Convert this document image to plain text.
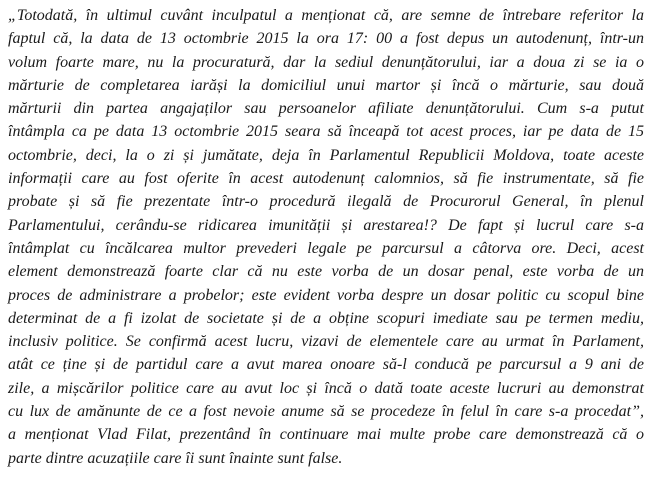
„Totodată, în ultimul cuvânt inculpatul a menționat că, are semne de întrebare referitor la
faptul că, la data de 13 octombrie 2015 la ora 17: 00 a fost depus un autodenunț, într-un
volum foarte mare, nu la procuratură, dar la sediul denunțătorului, iar a doua zi se ia o
mărturie de completarea iarăși la domiciliul unui martor și încă o mărturie, sau două
mărturii din partea angajaților sau persoanelor afiliate denunțătorului. Cum s-a putut
întâmpla ca pe data 13 octombrie 2015 seara să înceapă tot acest proces, iar pe data de 15
octombrie, deci, la o zi și jumătate, deja în Parlamentul Republicii Moldova, toate aceste
informații care au fost oferite în acest autodenunț calomnios, să fie instrumentate, să fie
probate și să fie prezentate într-o procedură ilegală de Procurorul General, în plenul
Parlamentului, cerându-se ridicarea imunității și arestarea!? De fapt și lucrul care s-a
întâmplat cu încălcarea multor prevederi legale pe parcursul a câtorva ore. Deci, acest
element demonstrează foarte clar că nu este vorba de un dosar penal, este vorba de un
proces de administrare a probelor; este evident vorba despre un dosar politic cu scopul bine
determinat de a fi izolat de societate și de a obține scopuri imediate sau pe termen mediu,
inclusiv politice. Se confirmă acest lucru, vizavi de elementele care au urmat în Parlament,
atât ce ține și de partidul care a avut marea onoare să-l conducă pe parcursul a 9 ani de
zile, a mișcărilor politice care au avut loc și încă o dată toate aceste lucruri au demonstrat
cu lux de amănunte de ce a fost nevoie anume să se procedeze în felul în care s-a procedat”,
a menționat Vlad Filat, prezentând în continuare mai multe probe care demonstrează că o
parte dintre acuzațiile care îi sunt înainte sunt false.
